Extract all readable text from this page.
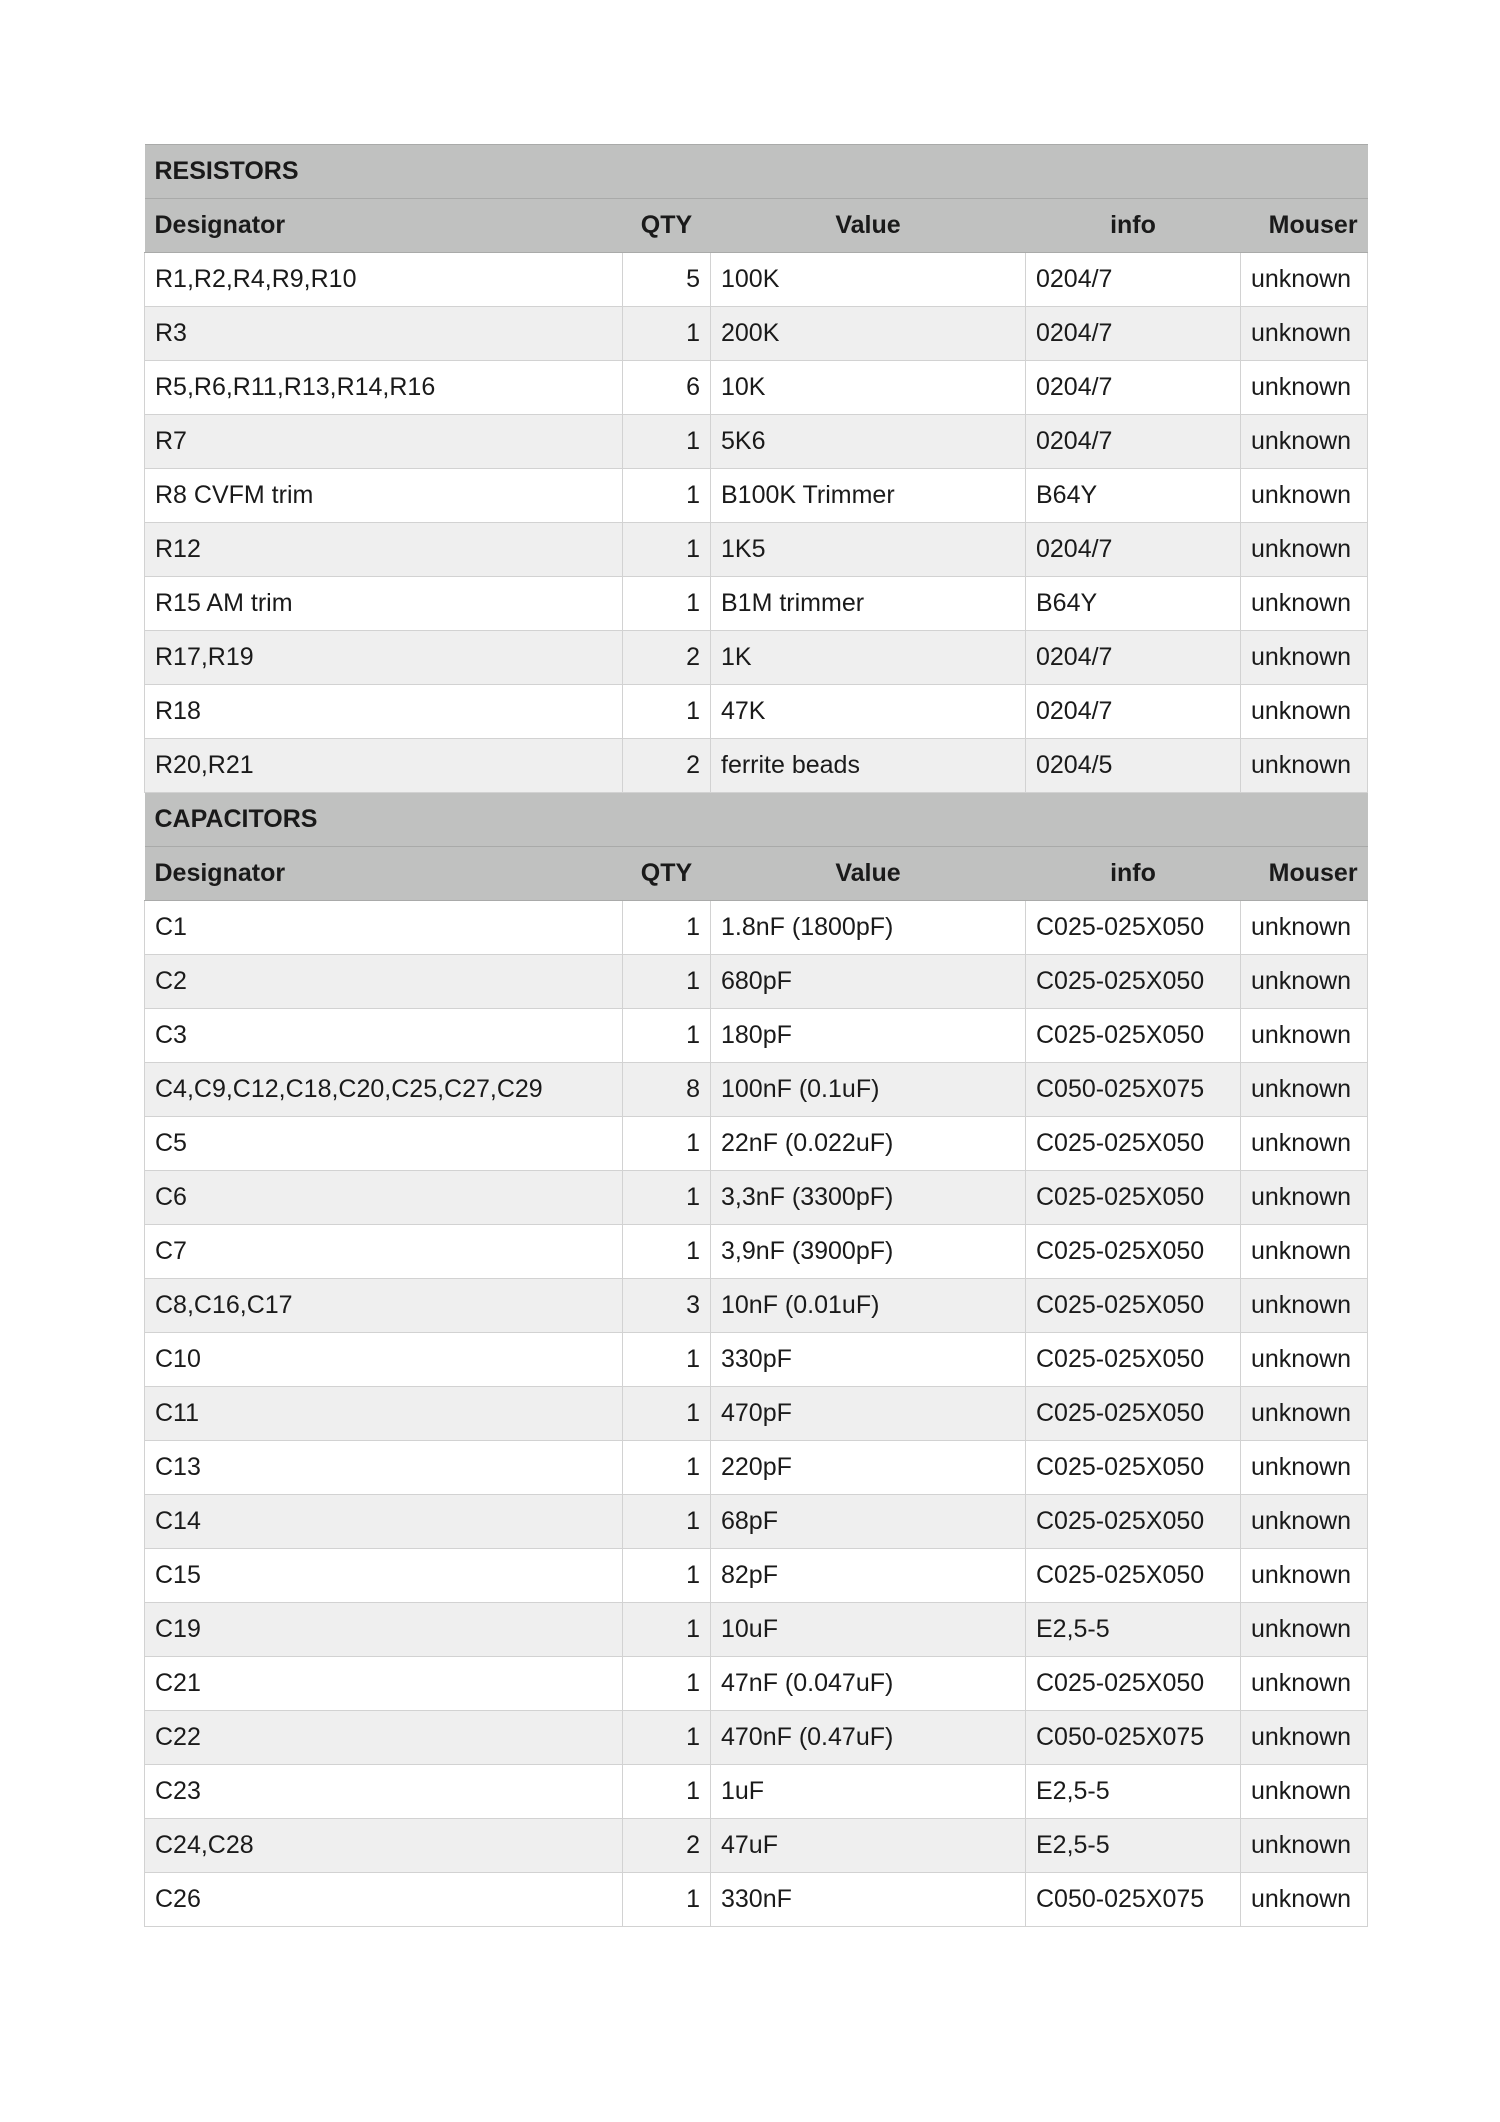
RESISTORS				
Designator	QTY	Value	info	Mouser
R1,R2,R4,R9,R10	5	100K	0204/7	unknown
R3	1	200K	0204/7	unknown
R5,R6,R11,R13,R14,R16	6	10K	0204/7	unknown
R7	1	5K6	0204/7	unknown
R8 CVFM trim	1	B100K Trimmer	B64Y	unknown
R12	1	1K5	0204/7	unknown
R15 AM trim	1	B1M trimmer	B64Y	unknown
R17,R19	2	1K	0204/7	unknown
R18	1	47K	0204/7	unknown
R20,R21	2	ferrite beads	0204/5	unknown
CAPACITORS				
Designator	QTY	Value	info	Mouser
C1	1	1.8nF (1800pF)	C025-025X050	unknown
C2	1	680pF	C025-025X050	unknown
C3	1	180pF	C025-025X050	unknown
C4,C9,C12,C18,C20,C25,C27,C29	8	100nF (0.1uF)	C050-025X075	unknown
C5	1	22nF (0.022uF)	C025-025X050	unknown
C6	1	3,3nF (3300pF)	C025-025X050	unknown
C7	1	3,9nF (3900pF)	C025-025X050	unknown
C8,C16,C17	3	10nF (0.01uF)	C025-025X050	unknown
C10	1	330pF	C025-025X050	unknown
C11	1	470pF	C025-025X050	unknown
C13	1	220pF	C025-025X050	unknown
C14	1	68pF	C025-025X050	unknown
C15	1	82pF	C025-025X050	unknown
C19	1	10uF	E2,5-5	unknown
C21	1	47nF (0.047uF)	C025-025X050	unknown
C22	1	470nF (0.47uF)	C050-025X075	unknown
C23	1	1uF	E2,5-5	unknown
C24,C28	2	47uF	E2,5-5	unknown
C26	1	330nF	C050-025X075	unknown
